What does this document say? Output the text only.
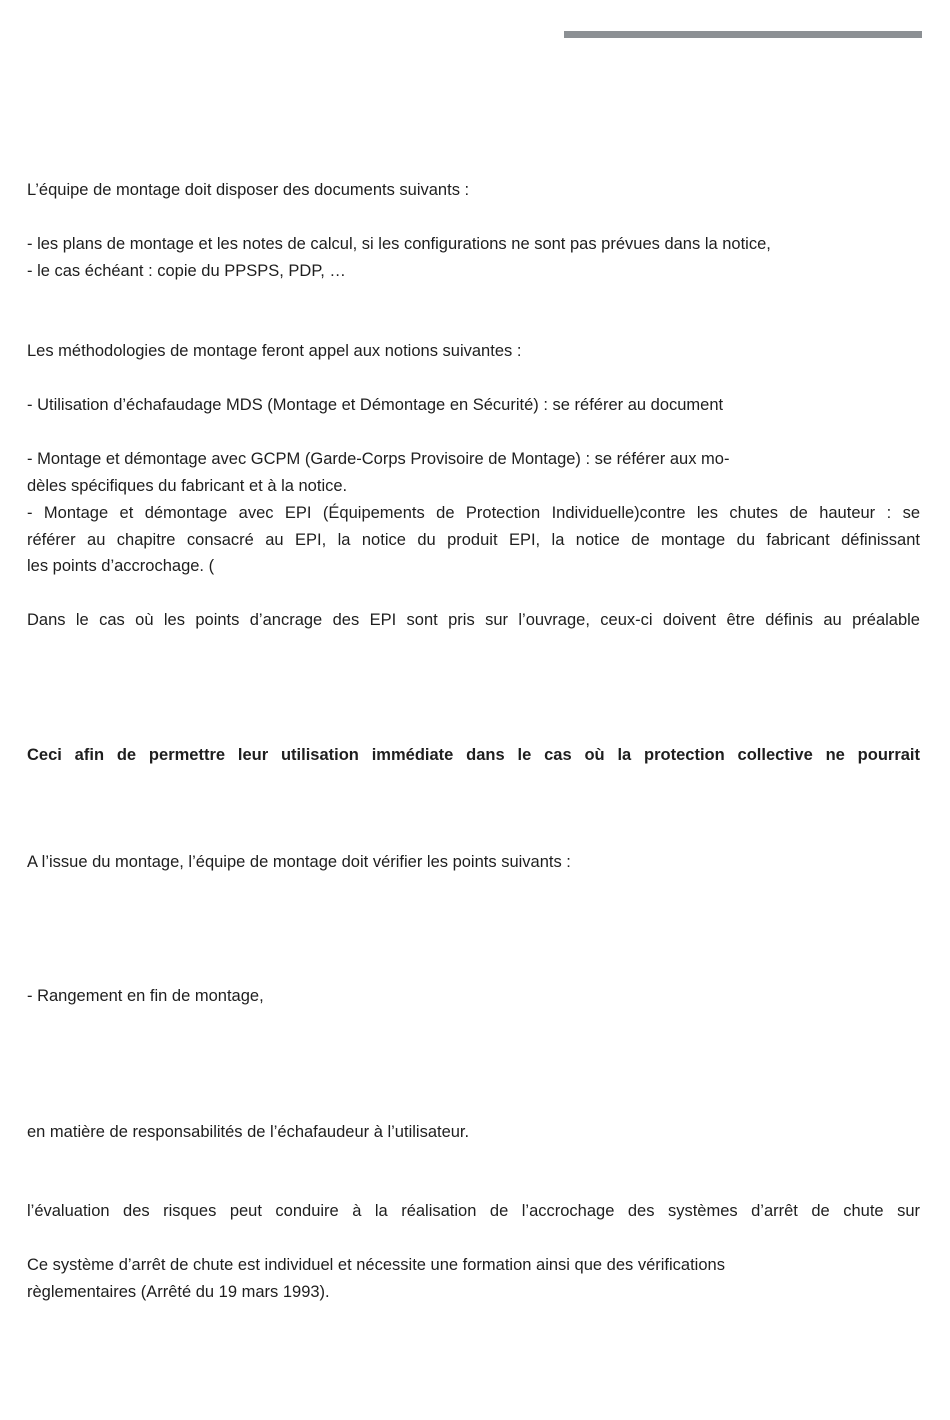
L’équipe de montage doit disposer des documents suivants :
- les plans de montage et les notes de calcul, si les configurations ne sont pas prévues dans la notice,
- le cas échéant : copie du PPSPS, PDP, …
Les méthodologies de montage feront appel aux notions suivantes :
- Utilisation d’échafaudage MDS (Montage et Démontage en Sécurité) : se référer au document
- Montage et démontage avec GCPM (Garde-Corps Provisoire de Montage) : se référer aux mo-
dèles spécifiques du fabricant et à la notice.
- Montage et démontage avec EPI (Équipements de Protection Individuelle)contre les chutes de hauteur : se
référer au chapitre consacré au EPI, la notice du produit EPI, la notice de montage du fabricant définissant
les points d’accrochage. (
Dans le cas où les points d’ancrage des EPI sont pris sur l’ouvrage, ceux-ci doivent être définis au préalable
Ceci afin de permettre leur utilisation immédiate dans le cas où la protection collective ne pourrait
A l’issue du montage, l’équipe de montage doit vérifier les points suivants :
- Rangement en fin de montage,
en matière de responsabilités de l’échafaudeur à l’utilisateur.
l’évaluation des risques peut conduire à la réalisation de l’accrochage des systèmes d’arrêt de chute sur
Ce système d’arrêt de chute est individuel et nécessite une formation ainsi que des vérifications
règlementaires (Arrêté du 19 mars 1993).
